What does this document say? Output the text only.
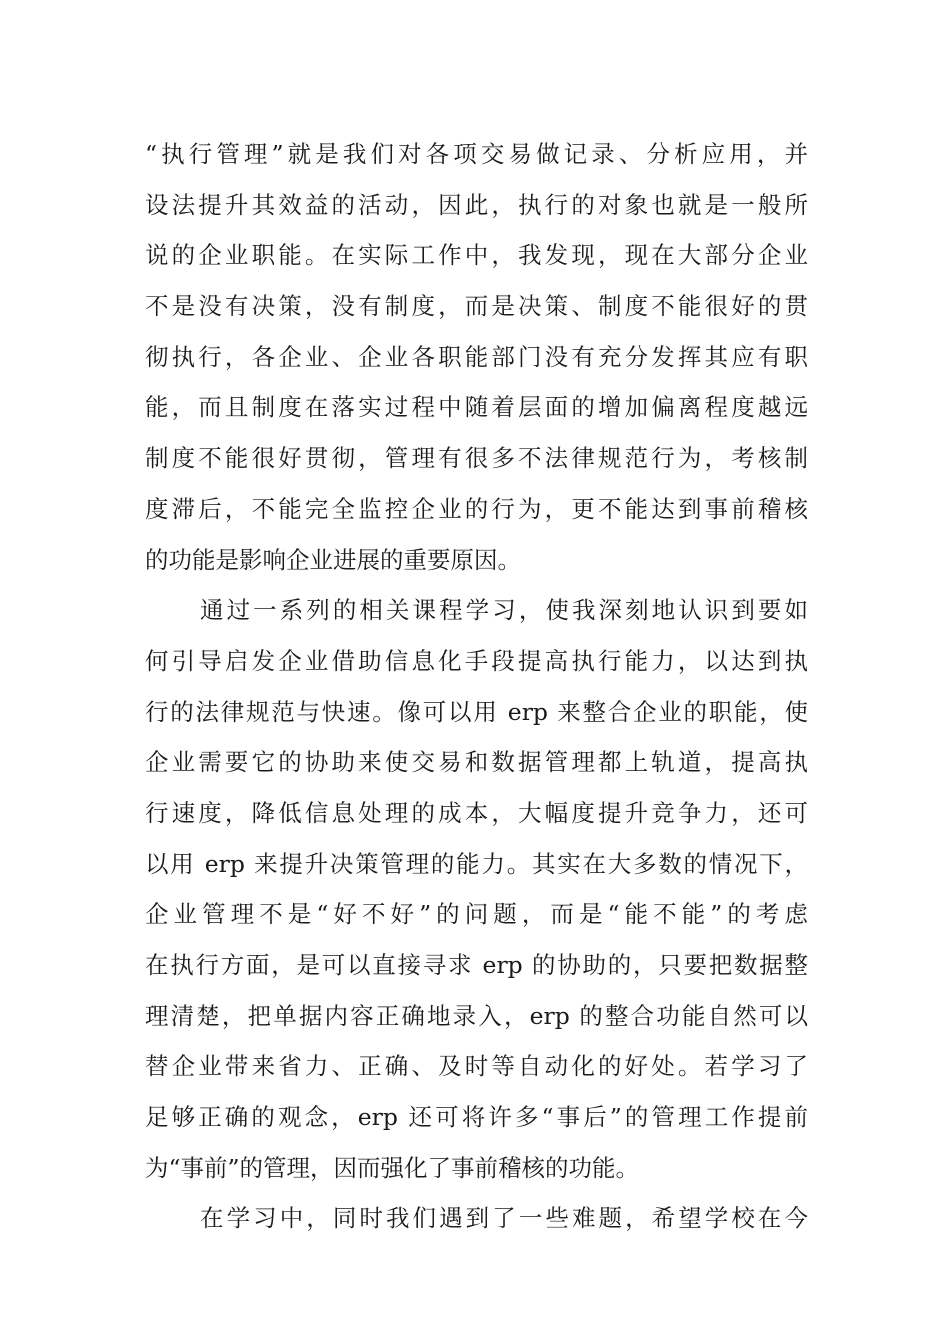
“执行管理”就是我们对各项交易做记录、分析应用，并
设法提升其效益的活动，因此，执行的对象也就是一般所
说的企业职能。在实际工作中，我发现，现在大部分企业
不是没有决策，没有制度，而是决策、制度不能很好的贯
彻执行，各企业、企业各职能部门没有充分发挥其应有职
能，而且制度在落实过程中随着层面的增加偏离程度越远
制度不能很好贯彻，管理有很多不法律规范行为，考核制
度滞后，不能完全监控企业的行为，更不能达到事前稽核
的功能是影响企业进展的重要原因。
通过一系列的相关课程学习，使我深刻地认识到要如
何引导启发企业借助信息化手段提高执行能力，以达到执
行的法律规范与快速。像可以用 erp 来整合企业的职能，使
企业需要它的协助来使交易和数据管理都上轨道，提高执
行速度，降低信息处理的成本，大幅度提升竞争力，还可
以用 erp 来提升决策管理的能力。其实在大多数的情况下，
企业管理不是“好不好”的问题，而是“能不能”的考虑
在执行方面，是可以直接寻求 erp 的协助的，只要把数据整
理清楚，把单据内容正确地录入，erp 的整合功能自然可以
替企业带来省力、正确、及时等自动化的好处。若学习了
足够正确的观念，erp 还可将许多“事后”的管理工作提前
为“事前”的管理，因而强化了事前稽核的功能。
在学习中，同时我们遇到了一些难题，希望学校在今
